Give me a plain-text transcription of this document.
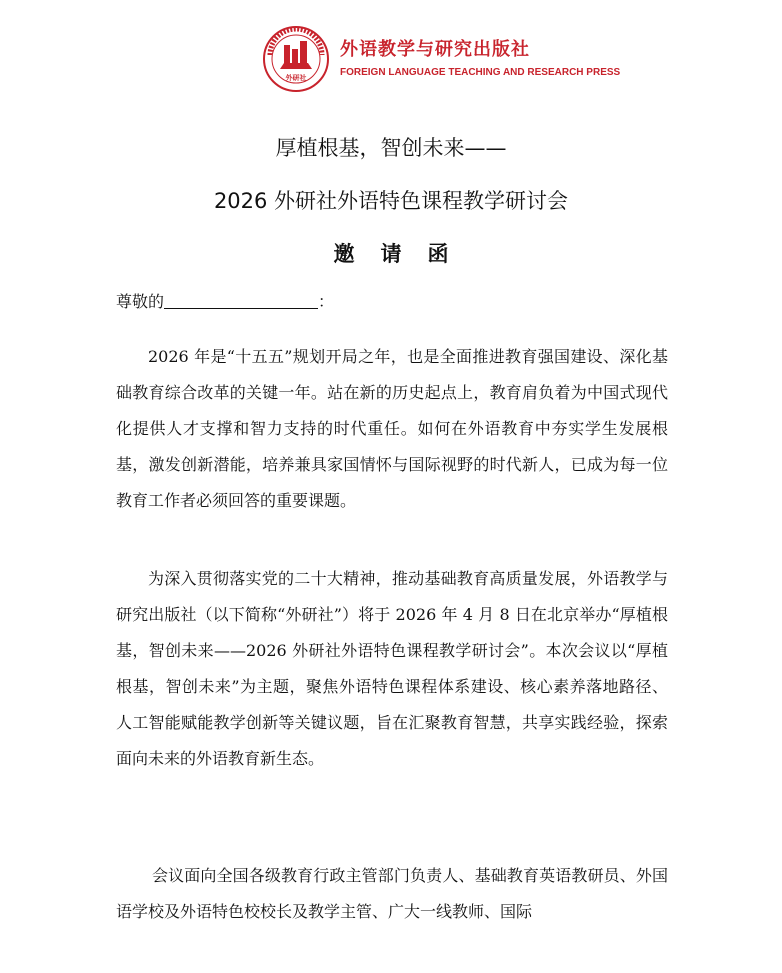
外研社
外语教学与研究出版社
FOREIGN LANGUAGE TEACHING AND RESEARCH PRESS
厚植根基，智创未来——
2026 外研社外语特色课程教学研讨会
邀请函
尊敬的	：

2026 年是“十五五”规划开局之年，也是全面推进教育强国建设、深化基础教育综合改革的关键一年。站在新的历史起点上，教育肩负着为中国式现代化提供人才支撑和智力支持的时代重任。如何在外语教育中夯实学生发展根基，激发创新潜能，培养兼具家国情怀与国际视野的时代新人，已成为每一位教育工作者必须回答的重要课题。

为深入贯彻落实党的二十大精神，推动基础教育高质量发展，外语教学与研究出版社（以下简称“外研社”）将于 2026 年 4 月 8 日在北京举办“厚植根基，智创未来——2026 外研社外语特色课程教学研讨会”。本次会议以“厚植根基，智创未来”为主题，聚焦外语特色课程体系建设、核心素养落地路径、人工智能赋能教学创新等关键议题，旨在汇聚教育智慧，共享实践经验，探索面向未来的外语教育新生态。

会议面向全国各级教育行政主管部门负责人、基础教育英语教研员、外国语学校及外语特色校校长及教学主管、广大一线教师、国际
